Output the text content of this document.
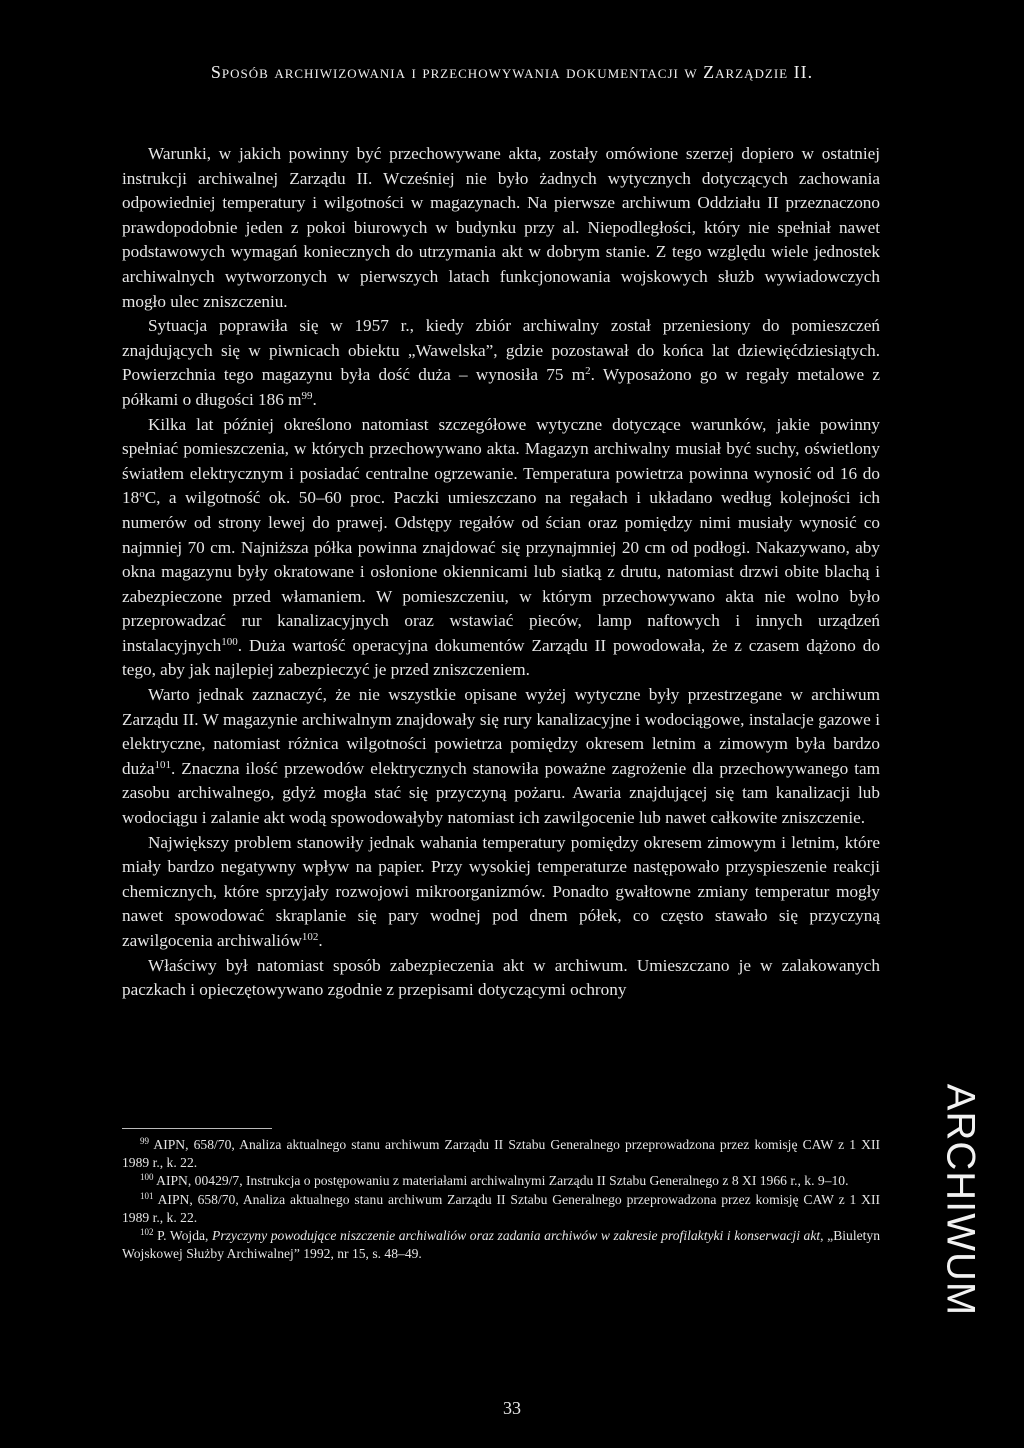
Sposób archiwizowania i przechowywania dokumentacji w Zarządzie II.

Warunki, w jakich powinny być przechowywane akta, zostały omówione szerzej dopiero w ostatniej instrukcji archiwalnej Zarządu II. Wcześniej nie było żadnych wytycznych dotyczących zachowania odpowiedniej temperatury i wilgotności w magazynach. Na pierwsze archiwum Oddziału II przeznaczono prawdopodobnie jeden z pokoi biurowych w budynku przy al. Niepodległości, który nie spełniał nawet podstawowych wymagań koniecznych do utrzymania akt w dobrym stanie. Z tego względu wiele jednostek archiwalnych wytworzonych w pierwszych latach funkcjonowania wojskowych służb wywiadowczych mogło ulec zniszczeniu.

Sytuacja poprawiła się w 1957 r., kiedy zbiór archiwalny został przeniesiony do pomieszczeń znajdujących się w piwnicach obiektu „Wawelska”, gdzie pozostawał do końca lat dziewięćdziesiątych. Powierzchnia tego magazynu była dość duża – wynosiła 75 $m^2$. Wyposażono go w regały metalowe z półkami o długości 186 $m^{99}$.

Kilka lat później określono natomiast szczegółowe wytyczne dotyczące warunków, jakie powinny spełniać pomieszczenia, w których przechowywano akta. Magazyn archiwalny musiał być suchy, oświetlony światłem elektrycznym i posiadać centralne ogrzewanie. Temperatura powietrza powinna wynosić od 16 do 18$^o$C, a wilgotność ok. 50–60 proc. Paczki umieszczano na regałach i układano według kolejności ich numerów od strony lewej do prawej. Odstępy regałów od ścian oraz pomiędzy nimi musiały wynosić co najmniej 70 cm. Najniższa półka powinna znajdować się przynajmniej 20 cm od podłogi. Nakazywano, aby okna magazynu były okratowane i osłonione okiennicami lub siatką z drutu, natomiast drzwi obite blachą i zabezpieczone przed włamaniem. W pomieszczeniu, w którym przechowywano akta nie wolno było przeprowadzać rur kanalizacyjnych oraz wstawiać pieców, lamp naftowych i innych urządzeń instalacyjnych$^{100}$. Duża wartość operacyjna dokumentów Zarządu II powodowała, że z czasem dążono do tego, aby jak najlepiej zabezpieczyć je przed zniszczeniem.

Warto jednak zaznaczyć, że nie wszystkie opisane wyżej wytyczne były przestrzegane w archiwum Zarządu II. W magazynie archiwalnym znajdowały się rury kanalizacyjne i wodociągowe, instalacje gazowe i elektryczne, natomiast różnica wilgotności powietrza pomiędzy okresem letnim a zimowym była bardzo duża$^{101}$. Znaczna ilość przewodów elektrycznych stanowiła poważne zagrożenie dla przechowywanego tam zasobu archiwalnego, gdyż mogła stać się przyczyną pożaru. Awaria znajdującej się tam kanalizacji lub wodociągu i zalanie akt wodą spowodowałyby natomiast ich zawilgocenie lub nawet całkowite zniszczenie.

Największy problem stanowiły jednak wahania temperatury pomiędzy okresem zimowym i letnim, które miały bardzo negatywny wpływ na papier. Przy wysokiej temperaturze następowało przyspieszenie reakcji chemicznych, które sprzyjały rozwojowi mikroorganizmów. Ponadto gwałtowne zmiany temperatur mogły nawet spowodować skraplanie się pary wodnej pod dnem półek, co często stawało się przyczyną zawilgocenia archiwaliów$^{102}$.

Właściwy był natomiast sposób zabezpieczenia akt w archiwum. Umieszczano je w zalakowanych paczkach i opieczętowywano zgodnie z przepisami dotyczącymi ochrony

$^{99}$ AIPN, 658/70, Analiza aktualnego stanu archiwum Zarządu II Sztabu Generalnego przeprowadzona przez komisję CAW z 1 XII 1989 r., k. 22.

$^{100}$ AIPN, 00429/7, Instrukcja o postępowaniu z materiałami archiwalnymi Zarządu II Sztabu Generalnego z 8 XI 1966 r., k. 9–10.

$^{101}$ AIPN, 658/70, Analiza aktualnego stanu archiwum Zarządu II Sztabu Generalnego przeprowadzona przez komisję CAW z 1 XII 1989 r., k. 22.

$^{102}$ P. Wojda, Przyczyny powodujące niszczenie archiwaliów oraz zadania archiwów w zakresie profilaktyki i konserwacji akt, „Biuletyn Wojskowej Służby Archiwalnej” 1992, nr 15, s. 48–49.	ARCHIWUM
33
